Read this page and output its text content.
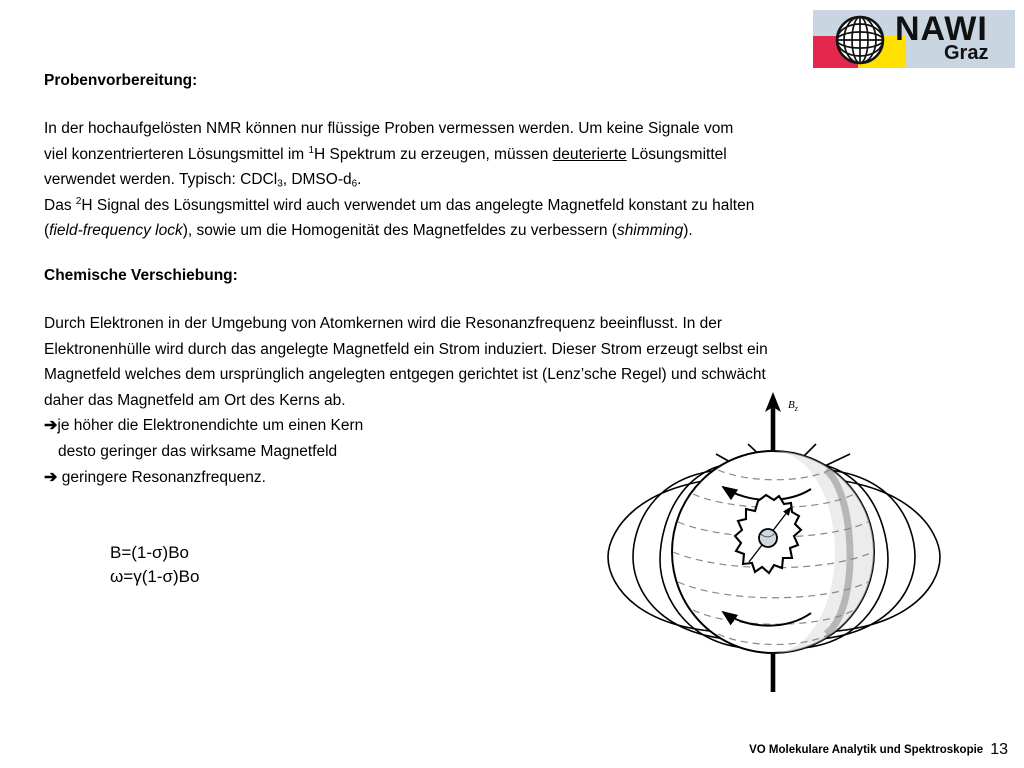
NAWI
Graz

Probenvorbereitung:

In der hochaufgelösten NMR können nur flüssige Proben vermessen werden. Um keine Signale vom

viel konzentrierteren Lösungsmittel im $^1$H Spektrum zu erzeugen, müssen deuterierte Lösungsmittel

verwendet werden. Typisch: CDCl$_3$, DMSO-$d_6$.

Das $^2$H Signal des Lösungsmittel wird auch verwendet um das angelegte Magnetfeld konstant zu halten

(field-frequency lock), sowie um die Homogenität des Magnetfeldes zu verbessern (shimming).

Chemische Verschiebung:

Durch Elektronen in der Umgebung von Atomkernen wird die Resonanzfrequenz beeinflusst. In der

Elektronenhülle wird durch das angelegte Magnetfeld ein Strom induziert. Dieser Strom erzeugt selbst ein

Magnetfeld welches dem ursprünglich angelegten entgegen gerichtet ist (Lenz’sche Regel) und schwächt

daher das Magnetfeld am Ort des Kerns ab.

➔je höher die Elektronendichte um einen Kern

desto geringer das wirksame Magnetfeld

➔ geringere Resonanzfrequenz.

B=(1-σ)Bo
ω=γ(1-σ)Bo
$B_z$
VO Molekulare Analytik und Spektroskopie 13
